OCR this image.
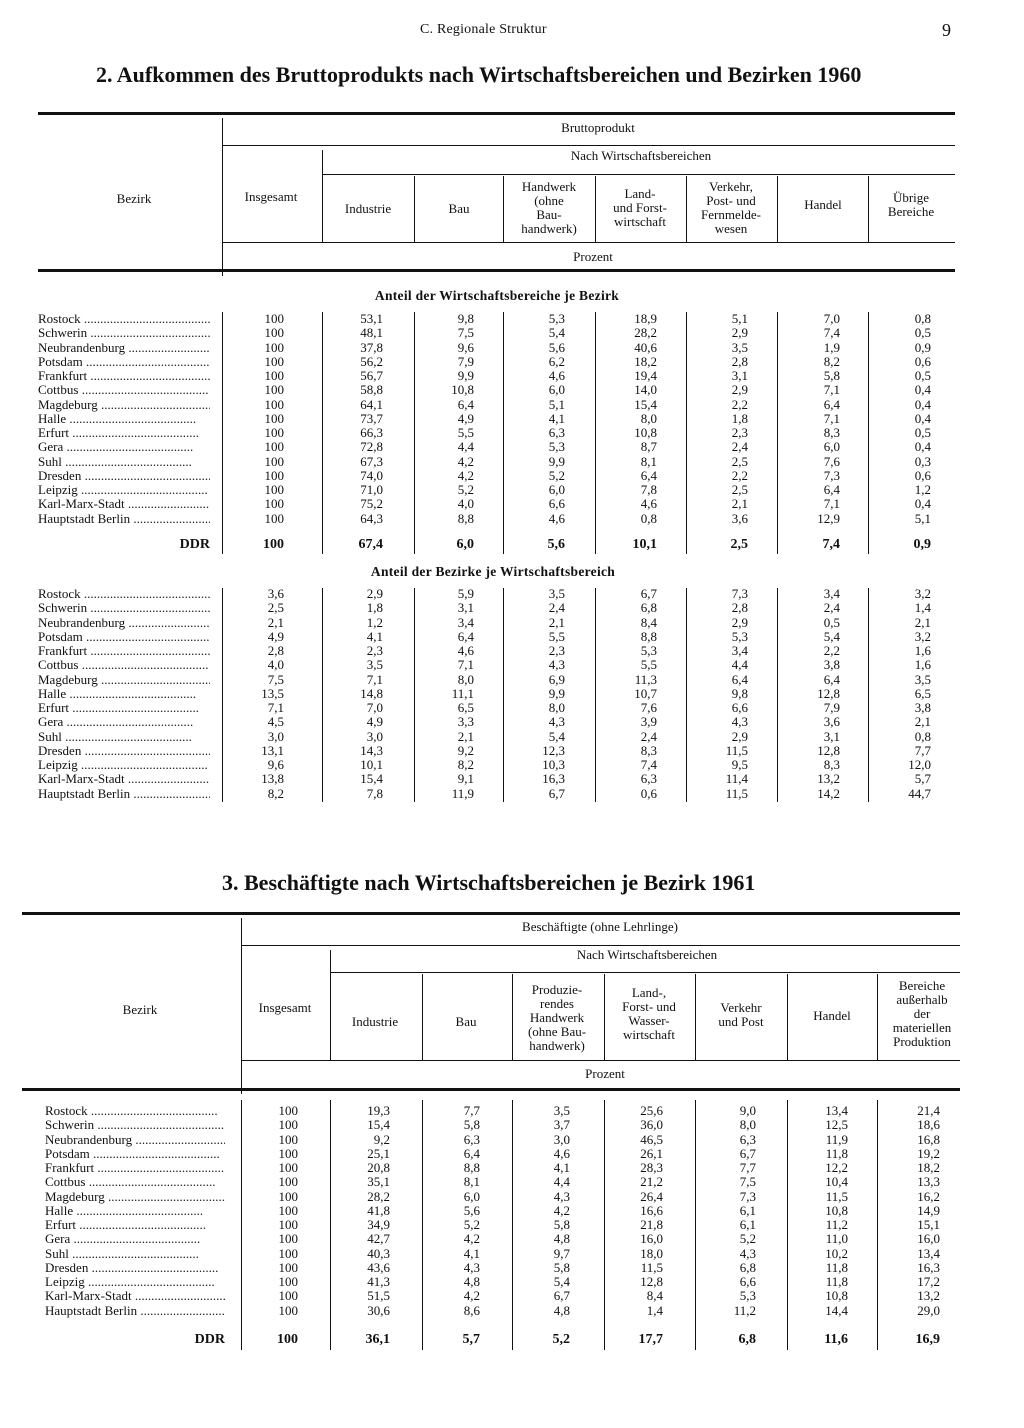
C. Regionale Struktur	9
2. Aufkommen des Bruttoprodukts nach Wirtschaftsbereichen und Bezirken 1960
Bezirk	Insgesamt
Bruttoprodukt
Nach Wirtschaftsbereichen
Industrie	Bau
Handwerk
(ohne
Bau-
handwerk)
Land-
und Forst-
wirtschaft
Verkehr,
Post- und
Fernmelde-
wesen
Handel	Übrige
Bereiche
Prozent
Anteil der Wirtschaftsbereiche je Bezirk
Rostock .....	100	53,1	9,8	5,3	18,9	5,1	7,0	0,8
Schwerin .....	100	48,1	7,5	5,4	28,2	2,9	7,4	0,5
Neubrandenburg .....	100	37,8	9,6	5,6	40,6	3,5	1,9	0,9
Potsdam .....	100	56,2	7,9	6,2	18,2	2,8	8,2	0,6
Frankfurt .....	100	56,7	9,9	4,6	19,4	3,1	5,8	0,5
Cottbus .....	100	58,8	10,8	6,0	14,0	2,9	7,1	0,4
Magdeburg .....	100	64,1	6,4	5,1	15,4	2,2	6,4	0,4
Halle .....	100	73,7	4,9	4,1	8,0	1,8	7,1	0,4
Erfurt .....	100	66,3	5,5	6,3	10,8	2,3	8,3	0,5
Gera .....	100	72,8	4,4	5,3	8,7	2,4	6,0	0,4
Suhl .....	100	67,3	4,2	9,9	8,1	2,5	7,6	0,3
Dresden .....	100	74,0	4,2	5,2	6,4	2,2	7,3	0,6
Leipzig .....	100	71,0	5,2	6,0	7,8	2,5	6,4	1,2
Karl-Marx-Stadt .....	100	75,2	4,0	6,6	4,6	2,1	7,1	0,4
Hauptstadt Berlin .....	100	64,3	8,8	4,6	0,8	3,6	12,9	5,1
DDR	100	67,4	6,0	5,6	10,1	2,5	7,4	0,9
Anteil der Bezirke je Wirtschaftsbereich
Rostock .....	3,6	2,9	5,9	3,5	6,7	7,3	3,4	3,2
Schwerin .....	2,5	1,8	3,1	2,4	6,8	2,8	2,4	1,4
Neubrandenburg .....	2,1	1,2	3,4	2,1	8,4	2,9	0,5	2,1
Potsdam .....	4,9	4,1	6,4	5,5	8,8	5,3	5,4	3,2
Frankfurt .....	2,8	2,3	4,6	2,3	5,3	3,4	2,2	1,6
Cottbus .....	4,0	3,5	7,1	4,3	5,5	4,4	3,8	1,6
Magdeburg .....	7,5	7,1	8,0	6,9	11,3	6,4	6,4	3,5
Halle .....	13,5	14,8	11,1	9,9	10,7	9,8	12,8	6,5
Erfurt .....	7,1	7,0	6,5	8,0	7,6	6,6	7,9	3,8
Gera .....	4,5	4,9	3,3	4,3	3,9	4,3	3,6	2,1
Suhl .....	3,0	3,0	2,1	5,4	2,4	2,9	3,1	0,8
Dresden .....	13,1	14,3	9,2	12,3	8,3	11,5	12,8	7,7
Leipzig .....	9,6	10,1	8,2	10,3	7,4	9,5	8,3	12,0
Karl-Marx-Stadt .....	13,8	15,4	9,1	16,3	6,3	11,4	13,2	5,7
Hauptstadt Berlin .....	8,2	7,8	11,9	6,7	0,6	11,5	14,2	44,7
3. Beschäftigte nach Wirtschaftsbereichen je Bezirk 1961
Bezirk	Insgesamt
Beschäftigte (ohne Lehrlinge)
Nach Wirtschaftsbereichen
Industrie	Bau
Produzie-
rendes
Handwerk
(ohne Bau-
handwerk)
Land-,
Forst- und
Wasser-
wirtschaft
Verkehr
und Post	Handel
Bereiche
außerhalb
der
materiellen
Produktion
Prozent
Rostock .....	100	19,3	7,7	3,5	25,6	9,0	13,4	21,4
Schwerin .....	100	15,4	5,8	3,7	36,0	8,0	12,5	18,6
Neubrandenburg .....	100	9,2	6,3	3,0	46,5	6,3	11,9	16,8
Potsdam .....	100	25,1	6,4	4,6	26,1	6,7	11,8	19,2
Frankfurt .....	100	20,8	8,8	4,1	28,3	7,7	12,2	18,2
Cottbus .....	100	35,1	8,1	4,4	21,2	7,5	10,4	13,3
Magdeburg .....	100	28,2	6,0	4,3	26,4	7,3	11,5	16,2
Halle .....	100	41,8	5,6	4,2	16,6	6,1	10,8	14,9
Erfurt .....	100	34,9	5,2	5,8	21,8	6,1	11,2	15,1
Gera .....	100	42,7	4,2	4,8	16,0	5,2	11,0	16,0
Suhl .....	100	40,3	4,1	9,7	18,0	4,3	10,2	13,4
Dresden .....	100	43,6	4,3	5,8	11,5	6,8	11,8	16,3
Leipzig .....	100	41,3	4,8	5,4	12,8	6,6	11,8	17,2
Karl-Marx-Stadt .....	100	51,5	4,2	6,7	8,4	5,3	10,8	13,2
Hauptstadt Berlin .....	100	30,6	8,6	4,8	1,4	11,2	14,4	29,0
DDR	100	36,1	5,7	5,2	17,7	6,8	11,6	16,9
